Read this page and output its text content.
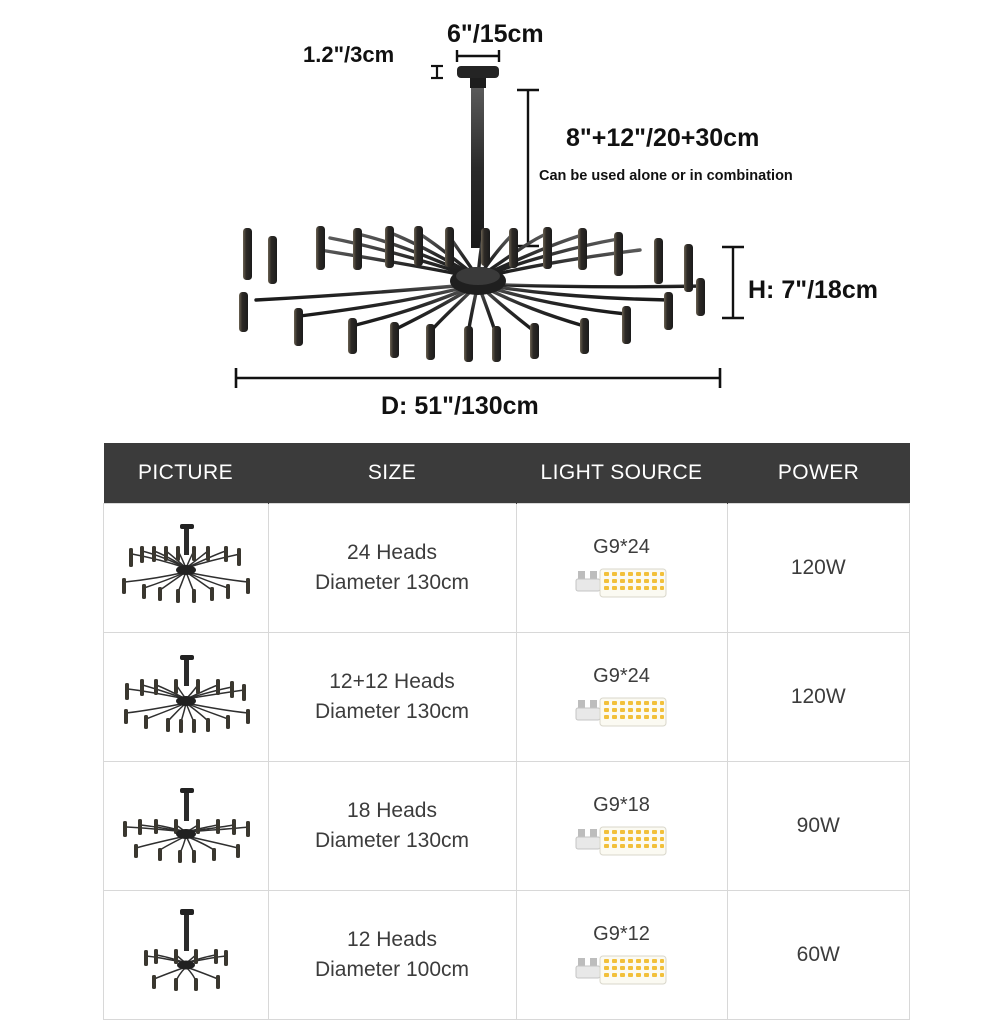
6"/15cm
1.2"/3cm
8"+12"/20+30cm
Can be used alone or in combination
H: 7"/18cm
D: 51"/130cm
PICTURE	SIZE	LIGHT SOURCE	POWER

24 Heads
Diameter 130cm	G9*24	120W

12+12 Heads
Diameter 130cm	G9*24	120W

18 Heads
Diameter 130cm	G9*18	90W

12 Heads
Diameter 100cm	G9*12	60W
